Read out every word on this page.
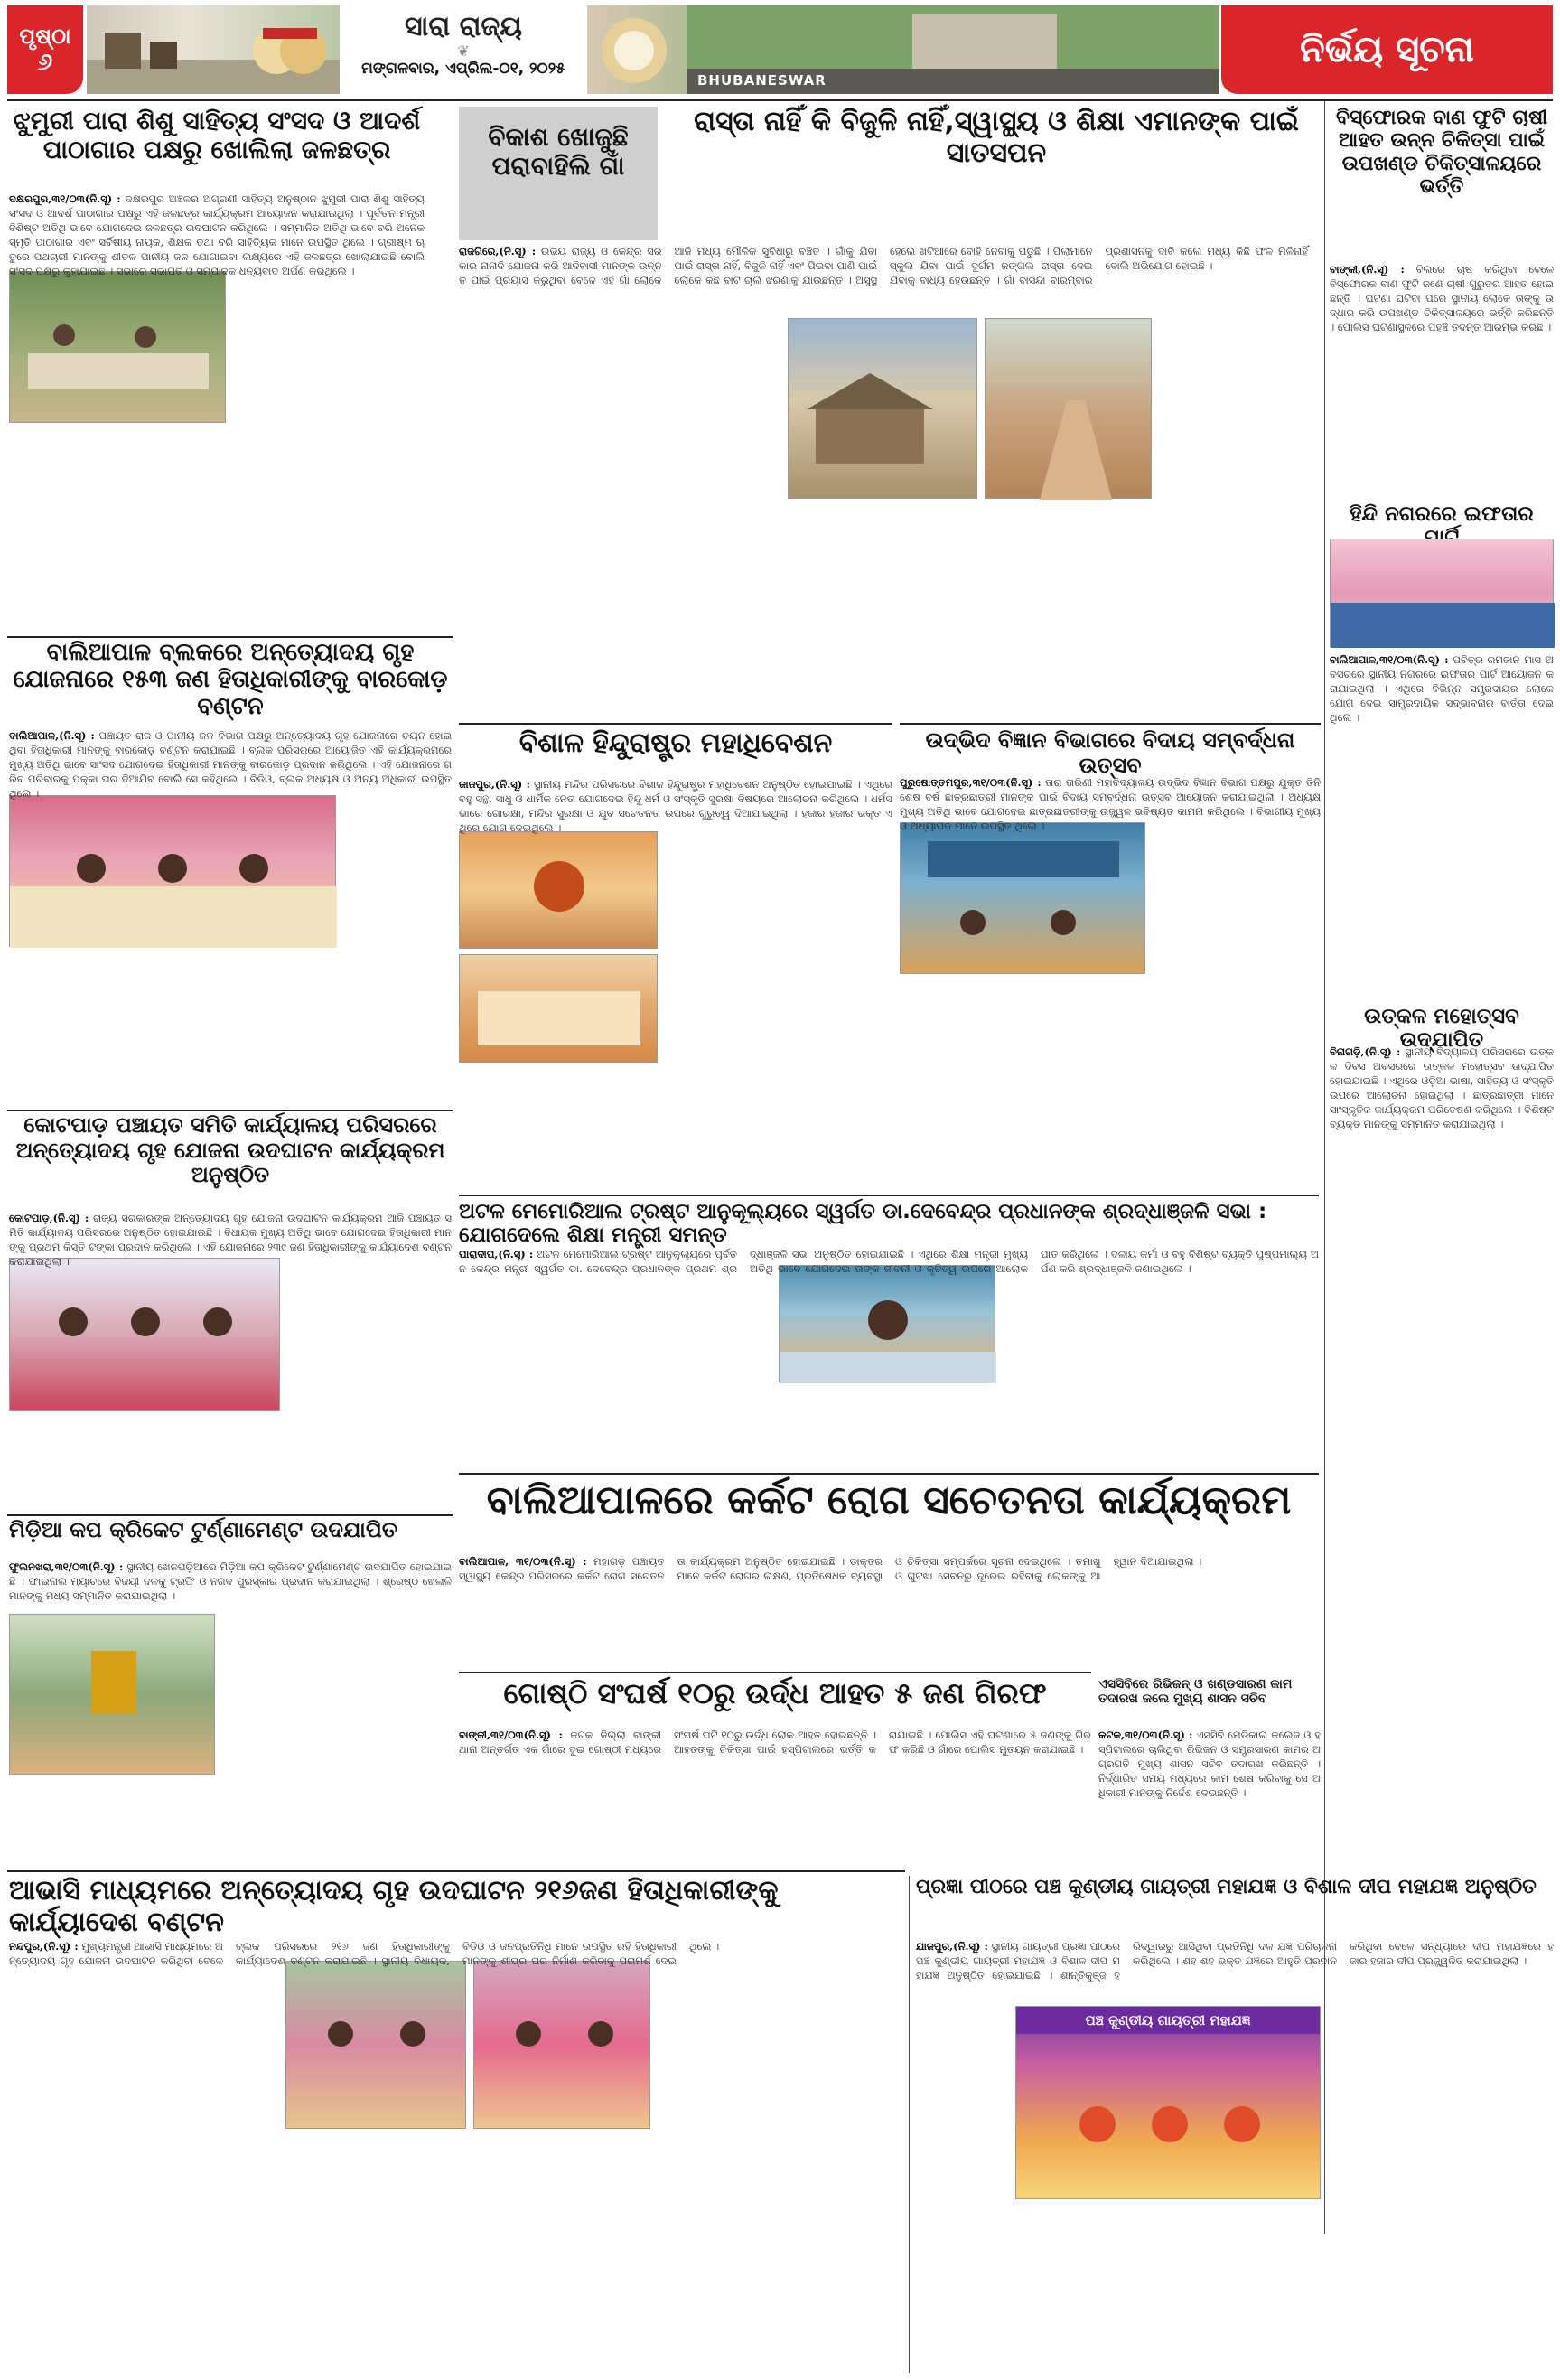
ପୃଷ୍ଠା
୬
ସାରା ରାଜ୍ୟ
❦
ମଙ୍ଗଳବାର, ଏପ୍ରିଲ-୦୧, ୨୦୨୫
BHUBANESWAR
ନିର୍ଭୟ ସୂଚନା
ଝୁମୁରୀ ପାରା ଶିଶୁ ସାହିତ୍ୟ ସଂସଦ ଓ ଆଦର୍ଶ ପାଠାଗାର ପକ୍ଷରୁ ଖୋଲିଲା ଜଳଛତ୍ର
ଦକ୍ଷରପୁର,୩୧/୦୩(ନି.ସୂ) : ଦକ୍ଷରପୁର ଅଞ୍ଚଳର ଅଗ୍ରଣୀ ସାହିତ୍ୟ ଅନୁଷ୍ଠାନ ଝୁମୁରୀ ପାରା ଶିଶୁ ସାହିତ୍ୟ ସଂସଦ ଓ ଆଦର୍ଶ ପାଠାଗାର ପକ୍ଷରୁ ଏହି ଜଳଛତ୍ର କାର୍ଯ୍ୟକ୍ରମ ଆୟୋଜନ କରାଯାଇଥିଲା । ପୂର୍ବତନ ମନ୍ତ୍ରୀ ବିଶିଷ୍ଟ ଅତିଥି ଭାବେ ଯୋଗଦେଇ ଜଳଛତ୍ର ଉଦଘାଟନ କରିଥିଲେ । ସମ୍ମାନିତ ଅତିଥି ଭାବେ ବରି ଅନେକ ସ୍ମୃତି ପାଠାଗାର ଏବଂ ସର୍ବିଷୀୟ ନାୟକ, ଶିକ୍ଷକ ତଥା ବରି ସାହିତ୍ୟିକ ମାନେ ଉପସ୍ଥିତ ଥିଲେ । ଗ୍ରୀଷ୍ମ ଋତୁରେ ପଥଚାରୀ ମାନଙ୍କୁ ଶୀତଳ ପାନୀୟ ଜଳ ଯୋଗାଇବା ଲକ୍ଷ୍ୟରେ ଏହି ଜଳଛତ୍ର ଖୋଲାଯାଇଛି ବୋଲି ସଂସଦ ପକ୍ଷରୁ କୁହାଯାଇଛି । ସଭାରେ ସଭାପତି ଓ ସମ୍ପାଦକ ଧନ୍ୟବାଦ ଅର୍ପଣ କରିଥିଲେ ।
ବିକାଶ ଖୋଜୁଛି ପରାବାହିଲି ଗାଁ
ରାସ୍ତା ନାହିଁ କି ବିଜୁଳି ନାହିଁ,ସ୍ୱାସ୍ଥ୍ୟ ଓ ଶିକ୍ଷା ଏମାନଙ୍କ ପାଇଁ ସାତସପନ
ରାଜଗିରେ,(ନି.ସୂ) : ଉଭୟ ରାଜ୍ୟ ଓ କେନ୍ଦ୍ର ସରକାର ନାନାଦି ଯୋଜନା କରି ଆଦିବାସୀ ମାନଙ୍କ ଉନ୍ନତି ପାଇଁ ପ୍ରୟାସ କରୁଥିବା ବେଳେ ଏହି ଗାଁ ଲୋକେ ଆଜି ମଧ୍ୟ ମୌଳିକ ସୁବିଧାରୁ ବଞ୍ଚିତ । ଗାଁକୁ ଯିବା ପାଇଁ ରାସ୍ତା ନାହିଁ, ବିଜୁଳି ନାହିଁ ଏବଂ ପିଇବା ପାଣି ପାଇଁ ଲୋକେ କିଛି ବାଟ ଚାଲି ଝରଣାକୁ ଯାଉଛନ୍ତି । ଅସୁସ୍ଥ ହେଲେ ଖଟିଆରେ ବୋହି ନେବାକୁ ପଡୁଛି । ପିଲାମାନେ ସ୍କୁଲ ଯିବା ପାଇଁ ଦୁର୍ଗମ ଜଙ୍ଗଲ ରାସ୍ତା ଦେଇ ଯିବାକୁ ବାଧ୍ୟ ହେଉଛନ୍ତି । ଗାଁ ବାସିନ୍ଦା ବାରମ୍ବାର ପ୍ରଶାସନକୁ ଦାବି କଲେ ମଧ୍ୟ କିଛି ଫଳ ମିଳିନାହିଁ ବୋଲି ଅଭିଯୋଗ ହୋଇଛି ।
ବିସ୍ଫୋରକ ବାଣ ଫୁଟି ଚାଷୀ ଆହତ ଉନ୍ନ ଚିକିତ୍ସା ପାଇଁ ଉପଖଣ୍ଡ ଚିକିତ୍ସାଳୟରେ ଭର୍ତ୍ତି
ବାଙ୍କୀ,(ନି.ସୂ) : ବିଲରେ ଚାଷ କରିଥିବା ବେଳେ ବିସ୍ଫୋରକ ବାଣ ଫୁଟି ଜଣେ ଚାଷୀ ଗୁରୁତର ଆହତ ହୋଇଛନ୍ତି । ଘଟଣା ଘଟିବା ପରେ ସ୍ଥାନୀୟ ଲୋକେ ତାଙ୍କୁ ଉଦ୍ଧାର କରି ଉପଖଣ୍ଡ ଚିକିତ୍ସାଳୟରେ ଭର୍ତ୍ତି କରିଛନ୍ତି । ପୋଲିସ ଘଟଣାସ୍ଥଳରେ ପହଞ୍ଚି ତଦନ୍ତ ଆରମ୍ଭ କରିଛି ।
ହିନ୍ଦି ନଗରରେ ଇଫତାର
ବାଲିଆପାଳ,୩୧/୦୩(ନି.ସୂ) : ପବିତ୍ର ରମଜାନ ମାସ ଅବସରରେ ସ୍ଥାନୀୟ ନଗରରେ ଇଫତାର ପାର୍ଟି ଆୟୋଜନ କରାଯାଇଥିଲା । ଏଥିରେ ବିଭିନ୍ନ ସମ୍ପ୍ରଦାୟର ଲୋକେ ଯୋଗ ଦେଇ ସାମ୍ପ୍ରଦାୟିକ ସଦ୍ଭାବନାର ବାର୍ତ୍ତା ଦେଇଥିଲେ ।
ଉତ୍କଳ ମହୋତ୍ସବ ଉଦ୍ଯାପିତ
ବିନାଗଡ଼ି,(ନି.ସୂ) : ସ୍ଥାନୀୟ ବିଦ୍ୟାଳୟ ପରିସରରେ ଉତ୍କଳ ଦିବସ ଅବସରରେ ଉତ୍କଳ ମହୋତ୍ସବ ଉଦ୍ଯାପିତ ହୋଇଯାଇଛି । ଏଥିରେ ଓଡ଼ିଆ ଭାଷା, ସାହିତ୍ୟ ଓ ସଂସ୍କୃତି ଉପରେ ଆଲୋଚନା ହୋଇଥିଲା । ଛାତ୍ରଛାତ୍ରୀ ମାନେ ସାଂସ୍କୃତିକ କାର୍ଯ୍ୟକ୍ରମ ପରିବେଷଣ କରିଥିଲେ । ବିଶିଷ୍ଟ ବ୍ୟକ୍ତି ମାନଙ୍କୁ ସମ୍ମାନିତ କରାଯାଇଥିଲା ।
ବାଲିଆପାଳ ବ୍ଲକରେ ଅନ୍ତ୍ୟୋଦୟ ଗୃହ ଯୋଜନାରେ ୧୫୩ ଜଣ ହିତାଧିକାରୀଙ୍କୁ ବାରକୋଡ଼ ବଣ୍ଟନ
ବାଲିଆପାଳ,(ନି.ସୂ) : ପଞ୍ଚାୟତ ରାଜ ଓ ପାନୀୟ ଜଳ ବିଭାଗ ପକ୍ଷରୁ ଅନ୍ତ୍ୟୋଦୟ ଗୃହ ଯୋଜନାରେ ଚୟନ ହୋଇଥିବା ହିତାଧିକାରୀ ମାନଙ୍କୁ ବାରକୋଡ଼ ବଣ୍ଟନ କରାଯାଇଛି । ବ୍ଲକ ପରିସରରେ ଆୟୋଜିତ ଏହି କାର୍ଯ୍ୟକ୍ରମରେ ମୁଖ୍ୟ ଅତିଥି ଭାବେ ସାଂସଦ ଯୋଗଦେଇ ହିତାଧିକାରୀ ମାନଙ୍କୁ ବାରକୋଡ଼ ପ୍ରଦାନ କରିଥିଲେ । ଏହି ଯୋଜନାରେ ଗରିବ ପରିବାରକୁ ପକ୍କା ଘର ଦିଆଯିବ ବୋଲି ସେ କହିଥିଲେ । ବିଡିଓ, ବ୍ଲକ ଅଧ୍ୟକ୍ଷ ଓ ଅନ୍ୟ ଅଧିକାରୀ ଉପସ୍ଥିତ ଥିଲେ ।
ବିଶାଳ ହିନ୍ଦୁରାଷ୍ଟ୍ର ମହାଧିବେଶନ
ଜାଜପୁର,(ନି.ସୂ) : ସ୍ଥାନୀୟ ମନ୍ଦିର ପରିସରରେ ବିଶାଳ ହିନ୍ଦୁରାଷ୍ଟ୍ର ମହାଧିବେଶନ ଅନୁଷ୍ଠିତ ହୋଇଯାଇଛି । ଏଥିରେ ବହୁ ସନ୍ଥ, ସାଧୁ ଓ ଧାର୍ମିକ ନେତା ଯୋଗଦେଇ ହିନ୍ଦୁ ଧର୍ମ ଓ ସଂସ୍କୃତି ସୁରକ୍ଷା ବିଷୟରେ ଆଲୋଚନା କରିଥିଲେ । ଧର୍ମସଭାରେ ଗୋରକ୍ଷା, ମନ୍ଦିର ସୁରକ୍ଷା ଓ ଯୁବ ସଚେତନତା ଉପରେ ଗୁରୁତ୍ୱ ଦିଆଯାଇଥିଲା । ହଜାର ହଜାର ଭକ୍ତ ଏଥିରେ ଯୋଗ ଦେଇଥିଲେ ।
ଉଦ୍ଭିଦ ବିଜ୍ଞାନ ବିଭାଗରେ ବିଦାୟ ସମ୍ବର୍ଦ୍ଧନା ଉତ୍ସବ
ପୁରୁଷୋତ୍ତମପୁର,୩୧/୦୩(ନି.ସୂ) : ତାରା ତାରିଣୀ ମହାବିଦ୍ୟାଳୟ ଉଦ୍ଭିଦ ବିଜ୍ଞାନ ବିଭାଗ ପକ୍ଷରୁ ଯୁକ୍ତ ତିନି ଶେଷ ବର୍ଷ ଛାତ୍ରଛାତ୍ରୀ ମାନଙ୍କ ପାଇଁ ବିଦାୟ ସମ୍ବର୍ଦ୍ଧନା ଉତ୍ସବ ଆୟୋଜନ କରାଯାଇଥିଲା । ଅଧ୍ୟକ୍ଷ ମୁଖ୍ୟ ଅତିଥି ଭାବେ ଯୋଗଦେଇ ଛାତ୍ରଛାତ୍ରୀଙ୍କୁ ଉଜ୍ଜ୍ୱଳ ଭବିଷ୍ୟତ କାମନା କରିଥିଲେ । ବିଭାଗୀୟ ମୁଖ୍ୟ ଓ ଅଧ୍ୟାପକ ମାନେ ଉପସ୍ଥିତ ଥିଲେ ।
କୋଟପାଡ଼ ପଞ୍ଚାୟତ ସମିତି କାର୍ଯ୍ୟାଳୟ ପରିସରରେ ଅନ୍ତ୍ୟୋଦୟ ଗୃହ ଯୋଜନା ଉଦଘାଟନ କାର୍ଯ୍ୟକ୍ରମ ଅନୁଷ୍ଠିତ
କୋଟପାଡ଼,(ନି.ସୂ) : ରାଜ୍ୟ ସରକାରଙ୍କ ଅନ୍ତ୍ୟୋଦୟ ଗୃହ ଯୋଜନା ଉଦଘାଟନ କାର୍ଯ୍ୟକ୍ରମ ଆଜି ପଞ୍ଚାୟତ ସମିତି କାର୍ଯ୍ୟାଳୟ ପରିସରରେ ଅନୁଷ୍ଠିତ ହୋଇଯାଇଛି । ବିଧାୟକ ମୁଖ୍ୟ ଅତିଥି ଭାବେ ଯୋଗଦେଇ ହିତାଧିକାରୀ ମାନଙ୍କୁ ପ୍ରଥମ କିସ୍ତି ଟଙ୍କା ପ୍ରଦାନ କରିଥିଲେ । ଏହି ଯୋଜନାରେ ୨୩୯ ଜଣ ହିତାଧିକାରୀଙ୍କୁ କାର୍ଯ୍ୟାଦେଶ ବଣ୍ଟନ କରାଯାଇଥିଲା ।
ଅଟଳ ମେମୋରିଆଲ ଟ୍ରଷ୍ଟ ଆନୁକୂଲ୍ୟରେ ସ୍ୱର୍ଗତ ଡା.ଦେବେନ୍ଦ୍ର ପ୍ରଧାନଙ୍କ ଶ୍ରଦ୍ଧାଞ୍ଜଳି ସଭା : ଯୋଗଦେଲେ ଶିକ୍ଷା ମନ୍ତ୍ରୀ ସମନ୍ତ
ପାରାଦୀପ,(ନି.ସୂ) : ଅଟଳ ମେମୋରିଆଲ ଟ୍ରଷ୍ଟ ଆନୁକୂଲ୍ୟରେ ପୂର୍ବତନ କେନ୍ଦ୍ର ମନ୍ତ୍ରୀ ସ୍ୱର୍ଗତ ଡା. ଦେବେନ୍ଦ୍ର ପ୍ରଧାନଙ୍କ ପ୍ରଥମ ଶ୍ରଦ୍ଧାଞ୍ଜଳି ସଭା ଅନୁଷ୍ଠିତ ହୋଇଯାଇଛି । ଏଥିରେ ଶିକ୍ଷା ମନ୍ତ୍ରୀ ମୁଖ୍ୟ ଅତିଥି ଭାବେ ଯୋଗଦେଇ ତାଙ୍କ ଜୀବନୀ ଓ କୃତିତ୍ୱ ଉପରେ ଆଲୋକପାତ କରିଥିଲେ । ଦଳୀୟ କର୍ମୀ ଓ ବହୁ ବିଶିଷ୍ଟ ବ୍ୟକ୍ତି ପୁଷ୍ପମାଲ୍ୟ ଅର୍ପଣ କରି ଶ୍ରଦ୍ଧାଞ୍ଜଳି ଜଣାଇଥିଲେ ।
ବାଲିଆପାଳରେ କର୍କଟ ରୋଗ ସଚେତନତା କାର୍ଯ୍ୟକ୍ରମ
ବାଲିଆପାଳ, ୩୧/୦୩(ନି.ସୂ) : ମହାଗଡ଼ ପଞ୍ଚାୟତ ସ୍ୱାସ୍ଥ୍ୟ କେନ୍ଦ୍ର ପରିସରରେ କର୍କଟ ରୋଗ ସଚେତନତା କାର୍ଯ୍ୟକ୍ରମ ଅନୁଷ୍ଠିତ ହୋଇଯାଇଛି । ଡାକ୍ତର ମାନେ କର୍କଟ ରୋଗର ଲକ୍ଷଣ, ପ୍ରତିଷେଧକ ବ୍ୟବସ୍ଥା ଓ ଚିକିତ୍ସା ସମ୍ପର୍କରେ ସୂଚନା ଦେଇଥିଲେ । ତମାଖୁ ଓ ଗୁଟଖା ସେବନରୁ ଦୂରେଇ ରହିବାକୁ ଲୋକଙ୍କୁ ଆହ୍ୱାନ ଦିଆଯାଇଥିଲା ।
ମିଡ଼ିଆ କପ କ୍ରିକେଟ ଟୁର୍ଣ୍ଣାମେଣ୍ଟ ଉଦଯାପିତ
ଫୁଲନଖରା,୩୧/୦୩(ନି.ସୂ) : ସ୍ଥାନୀୟ ଖେଳପଡ଼ିଆରେ ମିଡ଼ିଆ କପ କ୍ରିକେଟ ଟୁର୍ଣ୍ଣାମେଣ୍ଟ ଉଦଯାପିତ ହୋଇଯାଇଛି । ଫାଇନାଲ ମ୍ୟାଚରେ ବିଜୟୀ ଦଳକୁ ଟ୍ରଫି ଓ ନଗଦ ପୁରସ୍କାର ପ୍ରଦାନ କରାଯାଇଥିଲା । ଶ୍ରେଷ୍ଠ ଖେଳାଳି ମାନଙ୍କୁ ମଧ୍ୟ ସମ୍ମାନିତ କରାଯାଇଥିଲା ।
ଗୋଷ୍ଠି ସଂଘର୍ଷ ୧୦ରୁ ଉର୍ଦ୍ଧ ଆହତ ୫ ଜଣ ଗିରଫ
ବାଙ୍କୀ,୩୧/୦୩(ନି.ସୂ) : କଟକ ଜିଲ୍ଲା ବାଙ୍କୀ ଥାନା ଅନ୍ତର୍ଗତ ଏକ ଗାଁରେ ଦୁଇ ଗୋଷ୍ଠୀ ମଧ୍ୟରେ ସଂଘର୍ଷ ଘଟି ୧୦ରୁ ଉର୍ଦ୍ଧ ଲୋକ ଆହତ ହୋଇଛନ୍ତି । ଆହତଙ୍କୁ ଚିକିତ୍ସା ପାଇଁ ହସ୍ପିଟାଲରେ ଭର୍ତ୍ତି କରାଯାଇଛି । ପୋଲିସ ଏହି ଘଟଣାରେ ୫ ଜଣଙ୍କୁ ଗିରଫ କରିଛି ଓ ଗାଁରେ ପୋଲିସ ମୁତୟନ କରାଯାଇଛି ।
ଏସସିବିରେ ରିଭିଜନ୍ ଓ ଖଣ୍ଡସାରଣ କାମ ତଦାରଖ କଲେ ମୁଖ୍ୟ ଶାସନ ସଚିବ
କଟକ,୩୧/୦୩(ନି.ସୂ) : ଏସସିବି ମେଡିକାଲ କଲେଜ ଓ ହସ୍ପିଟାଲରେ ଚାଲିଥିବା ରିଭିଜନ ଓ ସମ୍ପ୍ରସାରଣ କାମର ଅଗ୍ରଗତି ମୁଖ୍ୟ ଶାସନ ସଚିବ ତଦାରଖ କରିଛନ୍ତି । ନିର୍ଦ୍ଧାରିତ ସମୟ ମଧ୍ୟରେ କାମ ଶେଷ କରିବାକୁ ସେ ଅଧିକାରୀ ମାନଙ୍କୁ ନିର୍ଦ୍ଦେଶ ଦେଇଛନ୍ତି ।
ଆଭାସି ମାଧ୍ୟମରେ ଅନ୍ତ୍ୟୋଦୟ ଗୃହ ଉଦଘାଟନ ୨୧୬ଜଣ ହିତାଧିକାରୀଙ୍କୁ କାର୍ଯ୍ୟାଦେଶ ବଣ୍ଟନ
ନନ୍ଦପୁର,(ନି.ସୂ) : ମୁଖ୍ୟମନ୍ତ୍ରୀ ଆଭାସି ମାଧ୍ୟମରେ ଅନ୍ତ୍ୟୋଦୟ ଗୃହ ଯୋଜନା ଉଦଘାଟନ କରିଥିବା ବେଳେ ବ୍ଲକ ପରିସରରେ ୨୧୬ ଜଣ ହିତାଧିକାରୀଙ୍କୁ କାର୍ଯ୍ୟାଦେଶ ବଣ୍ଟନ କରାଯାଇଛି । ସ୍ଥାନୀୟ ବିଧାୟକ, ବିଡିଓ ଓ ଜନପ୍ରତିନିଧି ମାନେ ଉପସ୍ଥିତ ରହି ହିତାଧିକାରୀ ମାନଙ୍କୁ ଶୀଘ୍ର ଘର ନିର୍ମାଣ କରିବାକୁ ପରାମର୍ଶ ଦେଇଥିଲେ ।
ପ୍ରଜ୍ଞା ପୀଠରେ ପଞ୍ଚ କୁଣ୍ଡୀୟ ଗାୟତ୍ରୀ ମହାଯଜ୍ଞ ଓ ବିଶାଳ ଦୀପ ମହାଯଜ୍ଞ ଅନୁଷ୍ଠିତ
ପଞ୍ଚ କୁଣ୍ଡୀୟ ଗାୟତ୍ରୀ ମହାଯଜ୍ଞ
ଯାଜପୁର,(ନି.ସୂ) : ସ୍ଥାନୀୟ ଗାୟତ୍ରୀ ପ୍ରଜ୍ଞା ପୀଠରେ ପଞ୍ଚ କୁଣ୍ଡୀୟ ଗାୟତ୍ରୀ ମହାଯଜ୍ଞ ଓ ବିଶାଳ ଦୀପ ମହାଯଜ୍ଞ ଅନୁଷ୍ଠିତ ହୋଇଯାଇଛି । ଶାନ୍ତିକୁଞ୍ଜ ହରିଦ୍ୱାରରୁ ଆସିଥିବା ପ୍ରତିନିଧି ଦଳ ଯଜ୍ଞ ପରିଚାଳନା କରିଥିଲେ । ଶହ ଶହ ଭକ୍ତ ଯଜ୍ଞରେ ଆହୁତି ପ୍ରଦାନ କରିଥିବା ବେଳେ ସନ୍ଧ୍ୟାରେ ଦୀପ ମହାଯଜ୍ଞରେ ହଜାର ହଜାର ଦୀପ ପ୍ରଜ୍ଜ୍ୱଳିତ କରାଯାଇଥିଲା ।
